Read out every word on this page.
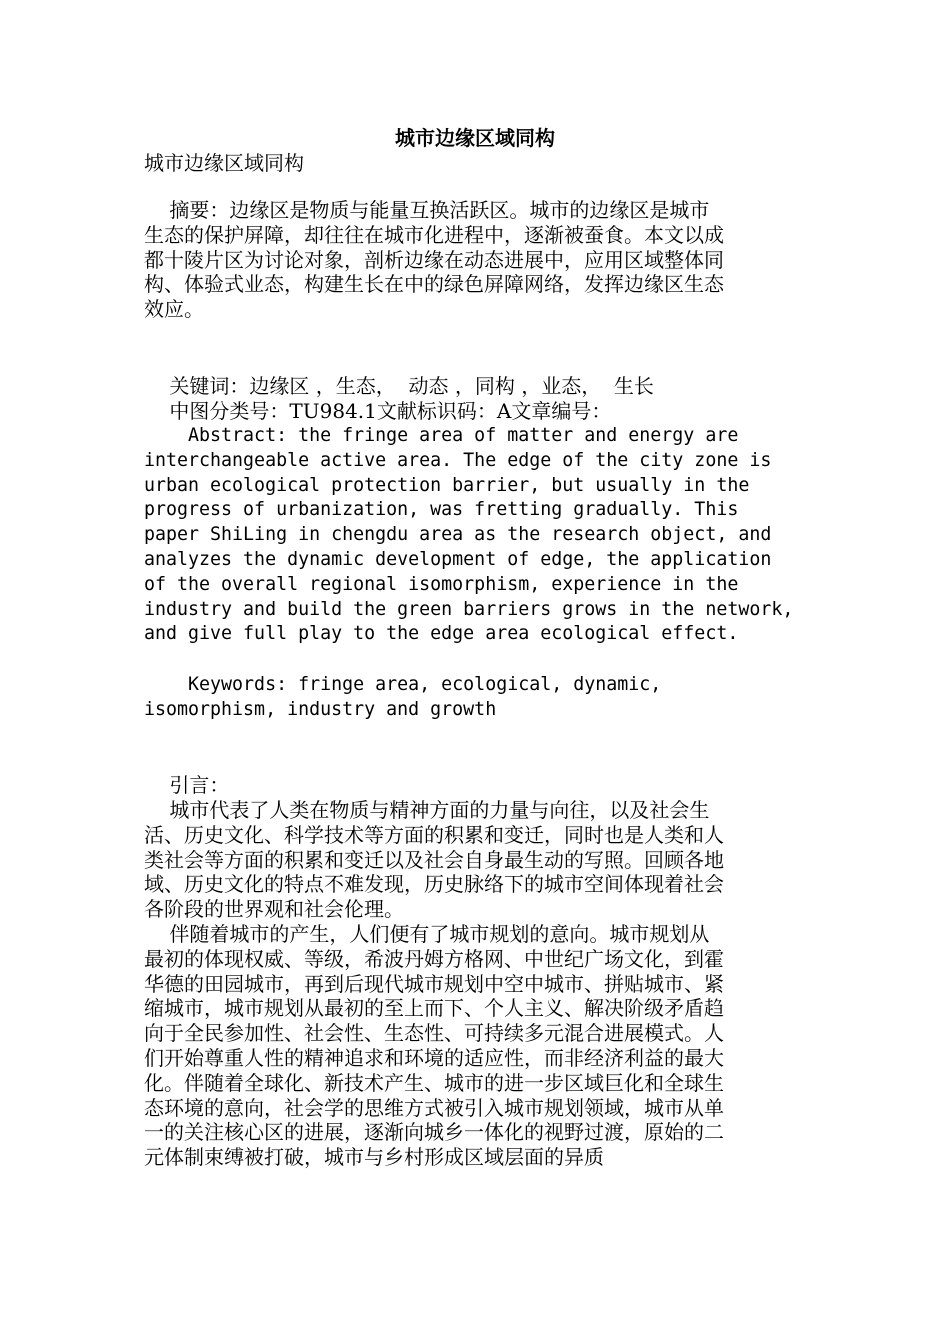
城市边缘区域同构

城市边缘区域同构

摘要：边缘区是物质与能量互换活跃区。城市的边缘区是城市
生态的保护屏障，却往往在城市化进程中，逐渐被蚕食。本文以成
都十陵片区为讨论对象，剖析边缘在动态进展中，应用区域整体同
构、体验式业态，构建生长在中的绿色屏障网络，发挥边缘区生态
效应。

关键词：边缘区 ，生态，  动态 ，同构 ，业态，  生长

中图分类号：TU984.1文献标识码：A文章编号：

Abstract: the fringe area of matter and energy are
interchangeable active area. The edge of the city zone is
urban ecological protection barrier, but usually in the
progress of urbanization, was fretting gradually. This
paper ShiLing in chengdu area as the research object, and
analyzes the dynamic development of edge, the application
of the overall regional isomorphism, experience in the
industry and build the green barriers grows in the network,
and give full play to the edge area ecological effect.

Keywords: fringe area, ecological, dynamic,
isomorphism, industry and growth

引言：

城市代表了人类在物质与精神方面的力量与向往，以及社会生
活、历史文化、科学技术等方面的积累和变迁，同时也是人类和人
类社会等方面的积累和变迁以及社会自身最生动的写照。回顾各地
域、历史文化的特点不难发现，历史脉络下的城市空间体现着社会
各阶段的世界观和社会伦理。

伴随着城市的产生，人们便有了城市规划的意向。城市规划从
最初的体现权威、等级，希波丹姆方格网、中世纪广场文化，到霍
华德的田园城市，再到后现代城市规划中空中城市、拼贴城市、紧
缩城市，城市规划从最初的至上而下、个人主义、解决阶级矛盾趋
向于全民参加性、社会性、生态性、可持续多元混合进展模式。人
们开始尊重人性的精神追求和环境的适应性，而非经济利益的最大
化。伴随着全球化、新技术产生、城市的进一步区域巨化和全球生
态环境的意向，社会学的思维方式被引入城市规划领域，城市从单
一的关注核心区的进展，逐渐向城乡一体化的视野过渡，原始的二
元体制束缚被打破，城市与乡村形成区域层面的异质
